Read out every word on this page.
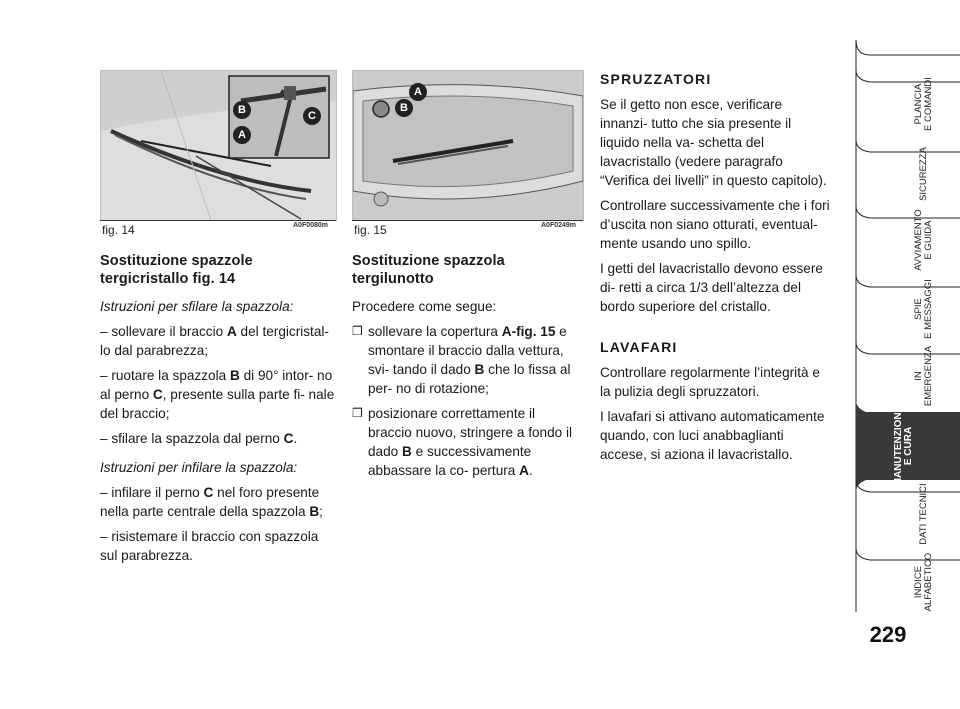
B	C
A
fig. 14	A0F0080m
A
B
fig. 15	A0F0249m
Sostituzione spazzole tergicristallo fig. 14

Istruzioni per sfilare la spazzola:

– sollevare il braccio A del tergicristal- lo dal parabrezza;

– ruotare la spazzola B di 90° intor- no al perno C, presente sulla parte fi- nale del braccio;

– sfilare la spazzola dal perno C.

Istruzioni per infilare la spazzola:

– infilare il perno C nel foro presente nella parte centrale della spazzola B;

– risistemare il braccio con spazzola sul parabrezza.

Sostituzione spazzola tergilunotto

Procedere come segue:

❒ sollevare la copertura A-fig. 15 e smontare il braccio dalla vettura, svi- tando il dado B che lo fissa al per- no di rotazione;
❒ posizionare correttamente il braccio nuovo, stringere a fondo il dado B e successivamente abbassare la co- pertura A.
SPRUZZATORI

Se il getto non esce, verificare innanzi- tutto che sia presente il liquido nella va- schetta del lavacristallo (vedere paragrafo “Verifica dei livelli” in questo capitolo).

Controllare successivamente che i fori d’uscita non siano otturati, eventual- mente usando uno spillo.

I getti del lavacristallo devono essere di- retti a circa 1/3 dell’altezza del bordo superiore del cristallo.

LAVAFARI

Controllare regolarmente l’integrità e la pulizia degli spruzzatori.

I lavafari si attivano automaticamente quando, con luci anabbaglianti accese, si aziona il lavacristallo.

PLANCIA
E COMANDI
SICUREZZA
AVVIAMENTO
E GUIDA
SPIE
E MESSAGGI
IN EMERGENZA
MANUTENZIONE
E CURA
DATI TECNICI
INDICE
ALFABETICO
229
